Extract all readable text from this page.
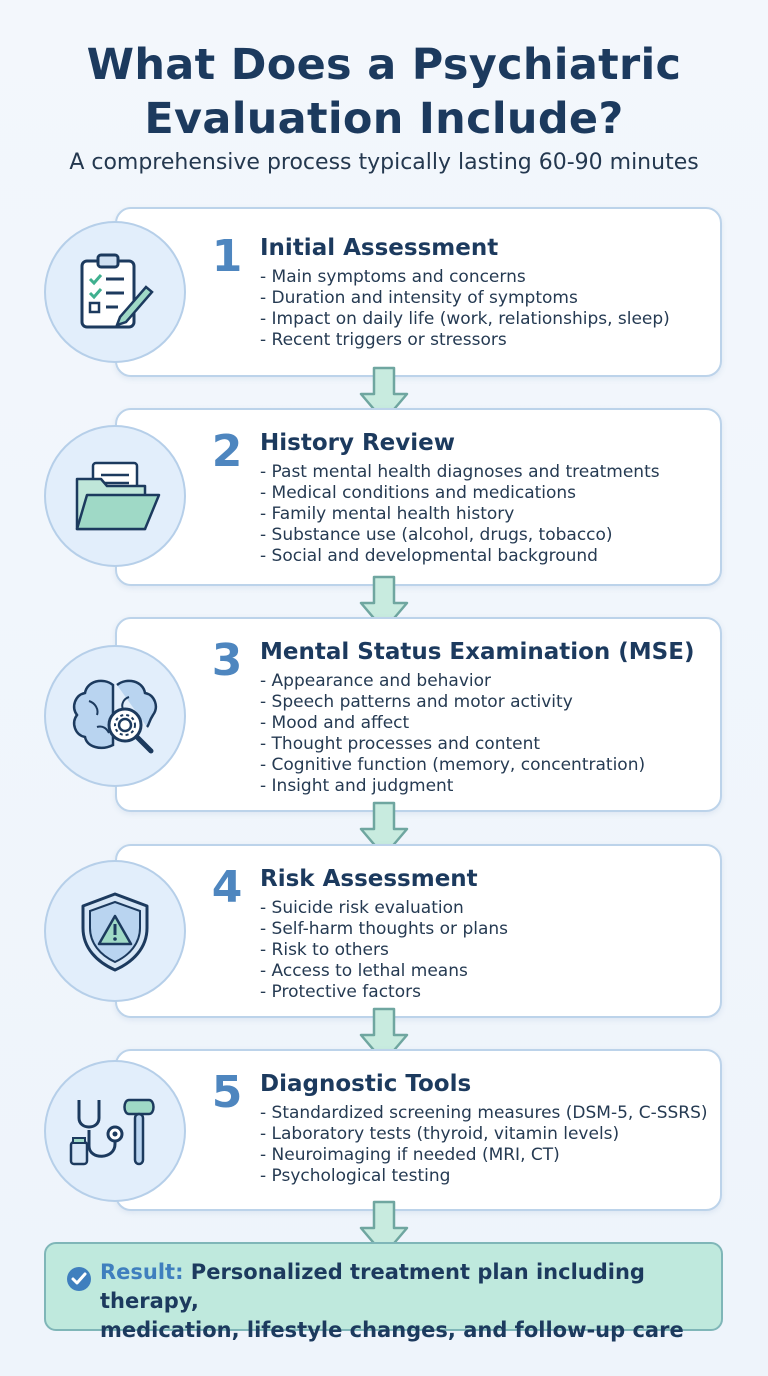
What Does a Psychiatric
Evaluation Include?
A comprehensive process typically lasting 60-90 minutes
1 Initial Assessment
- Main symptoms and concerns
- Duration and intensity of symptoms
- Impact on daily life (work, relationships, sleep)
- Recent triggers or stressors
2 History Review
- Past mental health diagnoses and treatments
- Medical conditions and medications
- Family mental health history
- Substance use (alcohol, drugs, tobacco)
- Social and developmental background
3 Mental Status Examination (MSE)
- Appearance and behavior
- Speech patterns and motor activity
- Mood and affect
- Thought processes and content
- Cognitive function (memory, concentration)
- Insight and judgment
4 Risk Assessment
- Suicide risk evaluation
- Self-harm thoughts or plans
- Risk to others
- Access to lethal means
- Protective factors
5 Diagnostic Tools
- Standardized screening measures (DSM-5, C-SSRS)
- Laboratory tests (thyroid, vitamin levels)
- Neuroimaging if needed (MRI, CT)
- Psychological testing
Result: Personalized treatment plan including therapy,
medication, lifestyle changes, and follow-up care
